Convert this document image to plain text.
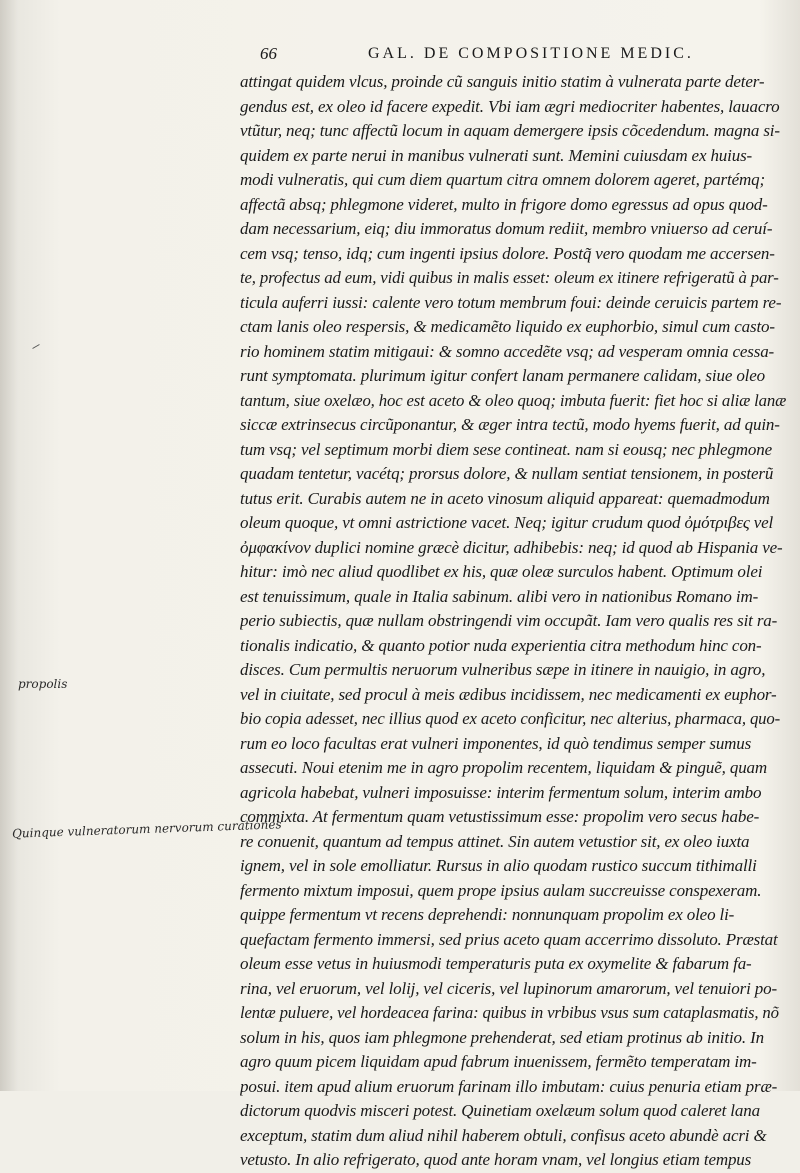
66	GAL. DE COMPOSITIONE MEDIC.
propolis
Quinque vulneratorum nervorum curationes
attingat quidem vlcus, proinde cũ sanguis initio statim à vulnerata parte deter-
gendus est, ex oleo id facere expedit. Vbi iam ægri mediocriter habentes, lauacro
vtũtur, neq; tunc affectũ locum in aquam demergere ipsis cõcedendum. magna si-
quidem ex parte nerui in manibus vulnerati sunt. Memini cuiusdam ex huius-
modi vulneratis, qui cum diem quartum citra omnem dolorem ageret, partémq;
affectã absq; phlegmone videret, multo in frigore domo egressus ad opus quod-
dam necessarium, eiq; diu immoratus domum rediit, membro vniuerso ad ceruí-
cem vsq; tenso, idq; cum ingenti ipsius dolore. Postq̃ vero quodam me accersen-
te, profectus ad eum, vidi quibus in malis esset: oleum ex itinere refrigeratũ à par-
ticula auferri iussi: calente vero totum membrum foui: deinde ceruicis partem re-
ctam lanis oleo respersis, & medicamẽto liquido ex euphorbio, simul cum casto-
rio hominem statim mitigaui: & somno accedẽte vsq; ad vesperam omnia cessa-
runt symptomata. plurimum igitur confert lanam permanere calidam, siue oleo
tantum, siue oxelæo, hoc est aceto & oleo quoq; imbuta fuerit: fiet hoc si aliæ lanæ
siccæ extrinsecus circũponantur, & æger intra tectũ, modo hyems fuerit, ad quin-
tum vsq; vel septimum morbi diem sese contineat. nam si eousq; nec phlegmone
quadam tentetur, vacétq; prorsus dolore, & nullam sentiat tensionem, in posterũ
tutus erit. Curabis autem ne in aceto vinosum aliquid appareat: quemadmodum
oleum quoque, vt omni astrictione vacet. Neq; igitur crudum quod ὀμότριβες vel
ὀμφακίνον duplici nomine græcè dicitur, adhibebis: neq; id quod ab Hispania ve-
hitur: imò nec aliud quodlibet ex his, quæ oleæ surculos habent. Optimum olei
est tenuissimum, quale in Italia sabinum. alibi vero in nationibus Romano im-
perio subiectis, quæ nullam obstringendi vim occupãt. Iam vero qualis res sit ra-
tionalis indicatio, & quanto potior nuda experientia citra methodum hinc con-
disces. Cum permultis neruorum vulneribus sæpe in itinere in nauigio, in agro,
vel in ciuitate, sed procul à meis ædibus incidissem, nec medicamenti ex euphor-
bio copia adesset, nec illius quod ex aceto conficitur, nec alterius, pharmaca, quo-
rum eo loco facultas erat vulneri imponentes, id quò tendimus semper sumus
assecuti. Noui etenim me in agro propolim recentem, liquidam & pinguẽ, quam
agricola habebat, vulneri imposuisse: interim fermentum solum, interim ambo
commixta. At fermentum quam vetustissimum esse: propolim vero secus habe-
re conuenit, quantum ad tempus attinet. Sin autem vetustior sit, ex oleo iuxta
ignem, vel in sole emolliatur. Rursus in alio quodam rustico succum tithimalli
fermento mixtum imposui, quem prope ipsius aulam succreuisse conspexeram.
quippe fermentum vt recens deprehendi: nonnunquam propolim ex oleo li-
quefactam fermento immersi, sed prius aceto quam accerrimo dissoluto. Præstat
oleum esse vetus in huiusmodi temperaturis puta ex oxymelite & fabarum fa-
rina, vel eruorum, vel lolij, vel ciceris, vel lupinorum amarorum, vel tenuiori po-
lentæ puluere, vel hordeacea farina: quibus in vrbibus vsus sum cataplasmatis, nõ
solum in his, quos iam phlegmone prehenderat, sed etiam protinus ab initio. In
agro quum picem liquidam apud fabrum inuenissem, fermẽto temperatam im-
posui. item apud alium eruorum farinam illo imbutam: cuius penuria etiam præ-
dictorum quodvis misceri potest. Quinetiam oxelæum solum quod caleret lana
exceptum, statim dum aliud nihil haberem obtuli, confisus aceto abundè acri &
vetusto. In alio refrigerato, quod ante horam vnam, vel longius etiam tempus
